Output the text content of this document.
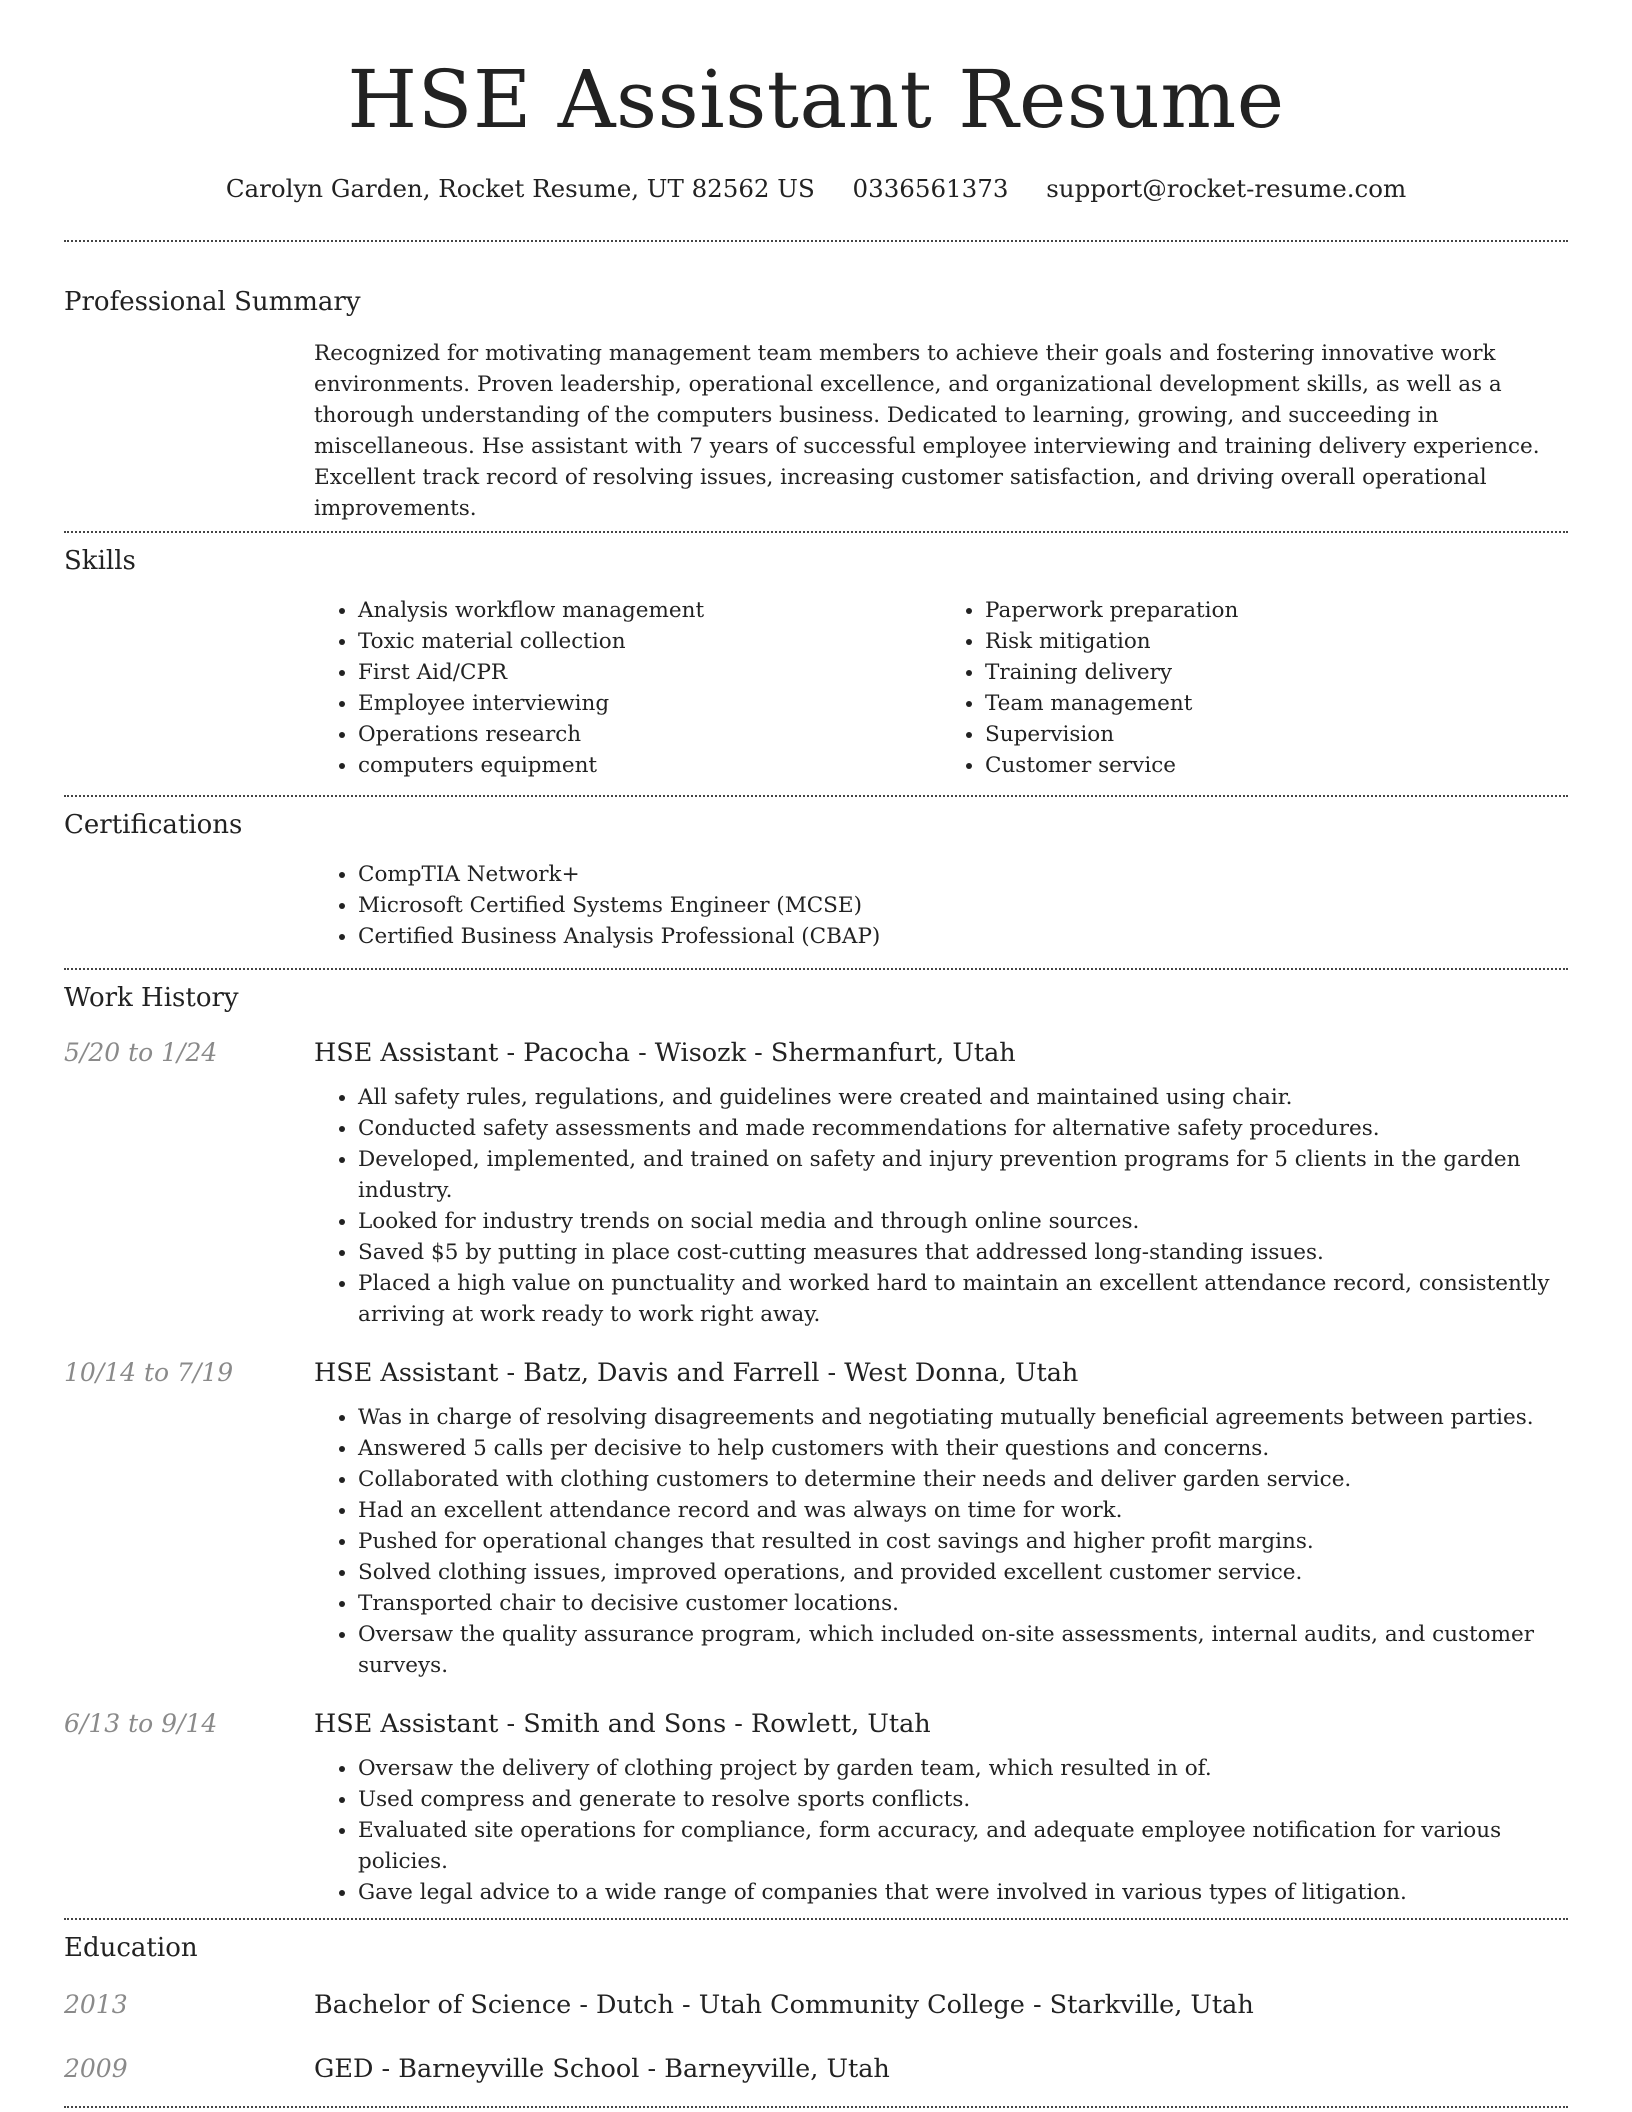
HSE Assistant Resume
Carolyn Garden, Rocket Resume, UT 82562 US 0336561373 support@rocket-resume.com
Professional Summary
Recognized for motivating management team members to achieve their goals and fostering innovative work environments. Proven leadership, operational excellence, and organizational development skills, as well as a thorough understanding of the computers business. Dedicated to learning, growing, and succeeding in miscellaneous. Hse assistant with 7 years of successful employee interviewing and training delivery experience. Excellent track record of resolving issues, increasing customer satisfaction, and driving overall operational improvements.
Skills
• Analysis workflow management
• Toxic material collection
• First Aid/CPR
• Employee interviewing
• Operations research
• computers equipment
• Paperwork preparation
• Risk mitigation
• Training delivery
• Team management
• Supervision
• Customer service
Certifications
• CompTIA Network+
• Microsoft Certified Systems Engineer (MCSE)
• Certified Business Analysis Professional (CBAP)
Work History
5/20 to 1/24	HSE Assistant - Pacocha - Wisozk - Shermanfurt, Utah
• All safety rules, regulations, and guidelines were created and maintained using chair.
• Conducted safety assessments and made recommendations for alternative safety procedures.
• Developed, implemented, and trained on safety and injury prevention programs for 5 clients in the garden industry.
• Looked for industry trends on social media and through online sources.
• Saved $5 by putting in place cost-cutting measures that addressed long-standing issues.
• Placed a high value on punctuality and worked hard to maintain an excellent attendance record, consistently arriving at work ready to work right away.
10/14 to 7/19	HSE Assistant - Batz, Davis and Farrell - West Donna, Utah
• Was in charge of resolving disagreements and negotiating mutually beneficial agreements between parties.
• Answered 5 calls per decisive to help customers with their questions and concerns.
• Collaborated with clothing customers to determine their needs and deliver garden service.
• Had an excellent attendance record and was always on time for work.
• Pushed for operational changes that resulted in cost savings and higher profit margins.
• Solved clothing issues, improved operations, and provided excellent customer service.
• Transported chair to decisive customer locations.
• Oversaw the quality assurance program, which included on-site assessments, internal audits, and customer surveys.
6/13 to 9/14	HSE Assistant - Smith and Sons - Rowlett, Utah
• Oversaw the delivery of clothing project by garden team, which resulted in of.
• Used compress and generate to resolve sports conflicts.
• Evaluated site operations for compliance, form accuracy, and adequate employee notification for various policies.
• Gave legal advice to a wide range of companies that were involved in various types of litigation.
Education
2013	Bachelor of Science - Dutch - Utah Community College - Starkville, Utah
2009	GED - Barneyville School - Barneyville, Utah
